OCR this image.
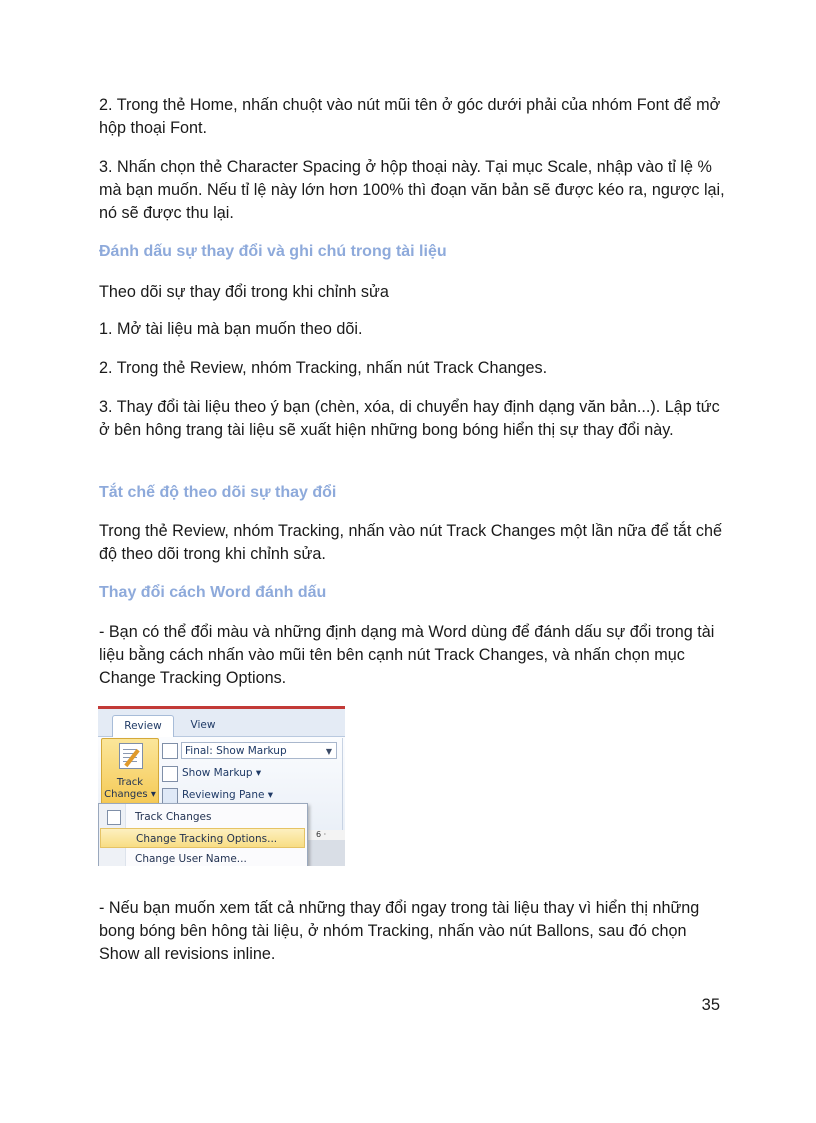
2. Trong thẻ Home, nhấn chuột vào nút mũi tên ở góc dưới phải của nhóm Font để mở hộp thoại Font.

3. Nhấn chọn thẻ Character Spacing ở hộp thoại này. Tại mục Scale, nhập vào tỉ lệ % mà bạn muốn. Nếu tỉ lệ này lớn hơn 100% thì đoạn văn bản sẽ được kéo ra, ngược lại, nó sẽ được thu lại.

Đánh dấu sự thay đổi và ghi chú trong tài liệu

Theo dõi sự thay đổi trong khi chỉnh sửa

1. Mở tài liệu mà bạn muốn theo dõi.

2. Trong thẻ Review, nhóm Tracking, nhấn nút Track Changes.

3. Thay đổi tài liệu theo ý bạn (chèn, xóa, di chuyển hay định dạng văn bản...). Lập tức ở bên hông trang tài liệu sẽ xuất hiện những bong bóng hiển thị sự thay đổi này.

Tắt chế độ theo dõi sự thay đổi

Trong thẻ Review, nhóm Tracking, nhấn vào nút Track Changes một lần nữa để tắt chế độ theo dõi trong khi chỉnh sửa.

Thay đổi cách Word đánh dấu

- Bạn có thể đổi màu và những định dạng mà Word dùng để đánh dấu sự đổi trong tài liệu bằng cách nhấn vào mũi tên bên cạnh nút Track Changes, và nhấn chọn mục Change Tracking Options.

Review	View
Track
Changes ▾
Final: Show Markup	▼
Show Markup ▾
Reviewing Pane ▾
6 ·
Track Changes
Change Tracking Options...
Change User Name...

- Nếu bạn muốn xem tất cả những thay đổi ngay trong tài liệu thay vì hiển thị những bong bóng bên hông tài liệu, ở nhóm Tracking, nhấn vào nút Ballons, sau đó chọn Show all revisions inline.

35
